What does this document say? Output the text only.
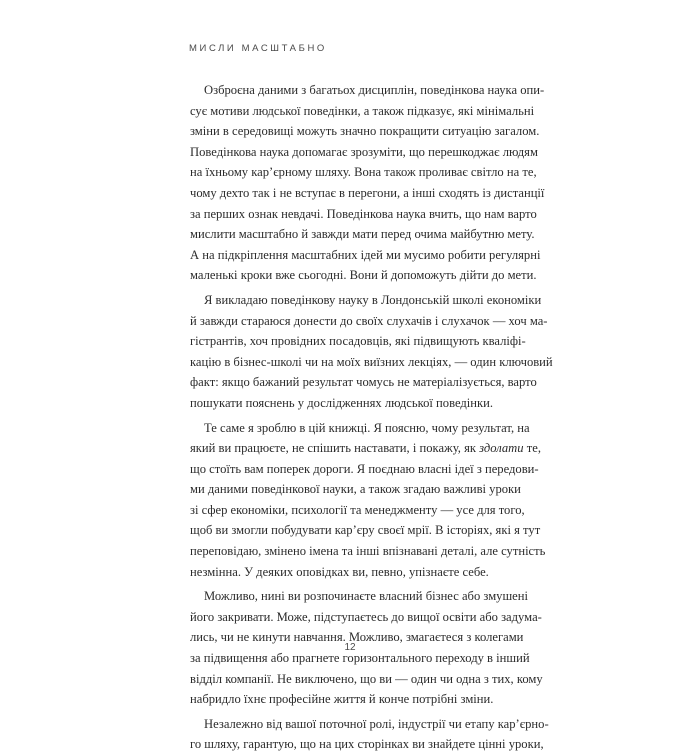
МИСЛИ МАСШТАБНО
Озброєна даними з багатьох дисциплін, поведінкова наука опи-
сує мотиви людської поведінки, а також підказує, які мінімальні
зміни в середовищі можуть значно покращити ситуацію загалом.
Поведінкова наука допомагає зрозуміти, що перешкоджає людям
на їхньому кар’єрному шляху. Вона також проливає світло на те,
чому дехто так і не вступає в перегони, а інші сходять із дистанції
за перших ознак невдачі. Поведінкова наука вчить, що нам варто
мислити масштабно й завжди мати перед очима майбутню мету.
А на підкріплення масштабних ідей ми мусимо робити регулярні
маленькі кроки вже сьогодні. Вони й допоможуть дійти до мети.
Я викладаю поведінкову науку в Лондонській школі економіки
й завжди стараюся донести до своїх слухачів і слухачок — хоч ма-
гістрантів, хоч провідних посадовців, які підвищують кваліфі-
кацію в бізнес-школі чи на моїх виїзних лекціях, — один ключовий
факт: якщо бажаний результат чомусь не матеріалізується, варто
пошукати пояснень у дослідженнях людської поведінки.
Те саме я зроблю в цій книжці. Я поясню, чому результат, на
який ви працюєте, не спішить наставати, і покажу, як здолати те,
що стоїть вам поперек дороги. Я поєднаю власні ідеї з передови-
ми даними поведінкової науки, а також згадаю важливі уроки
зі сфер економіки, психології та менеджменту — усе для того,
щоб ви змогли побудувати кар’єру своєї мрії. В історіях, які я тут
переповідаю, змінено імена та інші впізнавані деталі, але сутність
незмінна. У деяких оповідках ви, певно, упізнаєте себе.
Можливо, нині ви розпочинаєте власний бізнес або змушені
його закривати. Може, підступаєтесь до вищої освіти або задума-
лись, чи не кинути навчання. Можливо, змагаєтеся з колегами
за підвищення або прагнете горизонтального переходу в інший
відділ компанії. Не виключено, що ви — один чи одна з тих, кому
набридло їхнє професійне життя й конче потрібні зміни.
Незалежно від вашої поточної ролі, індустрії чи етапу кар’єрно-
го шляху, гарантую, що на цих сторінках ви знайдете цінні уроки,
12
